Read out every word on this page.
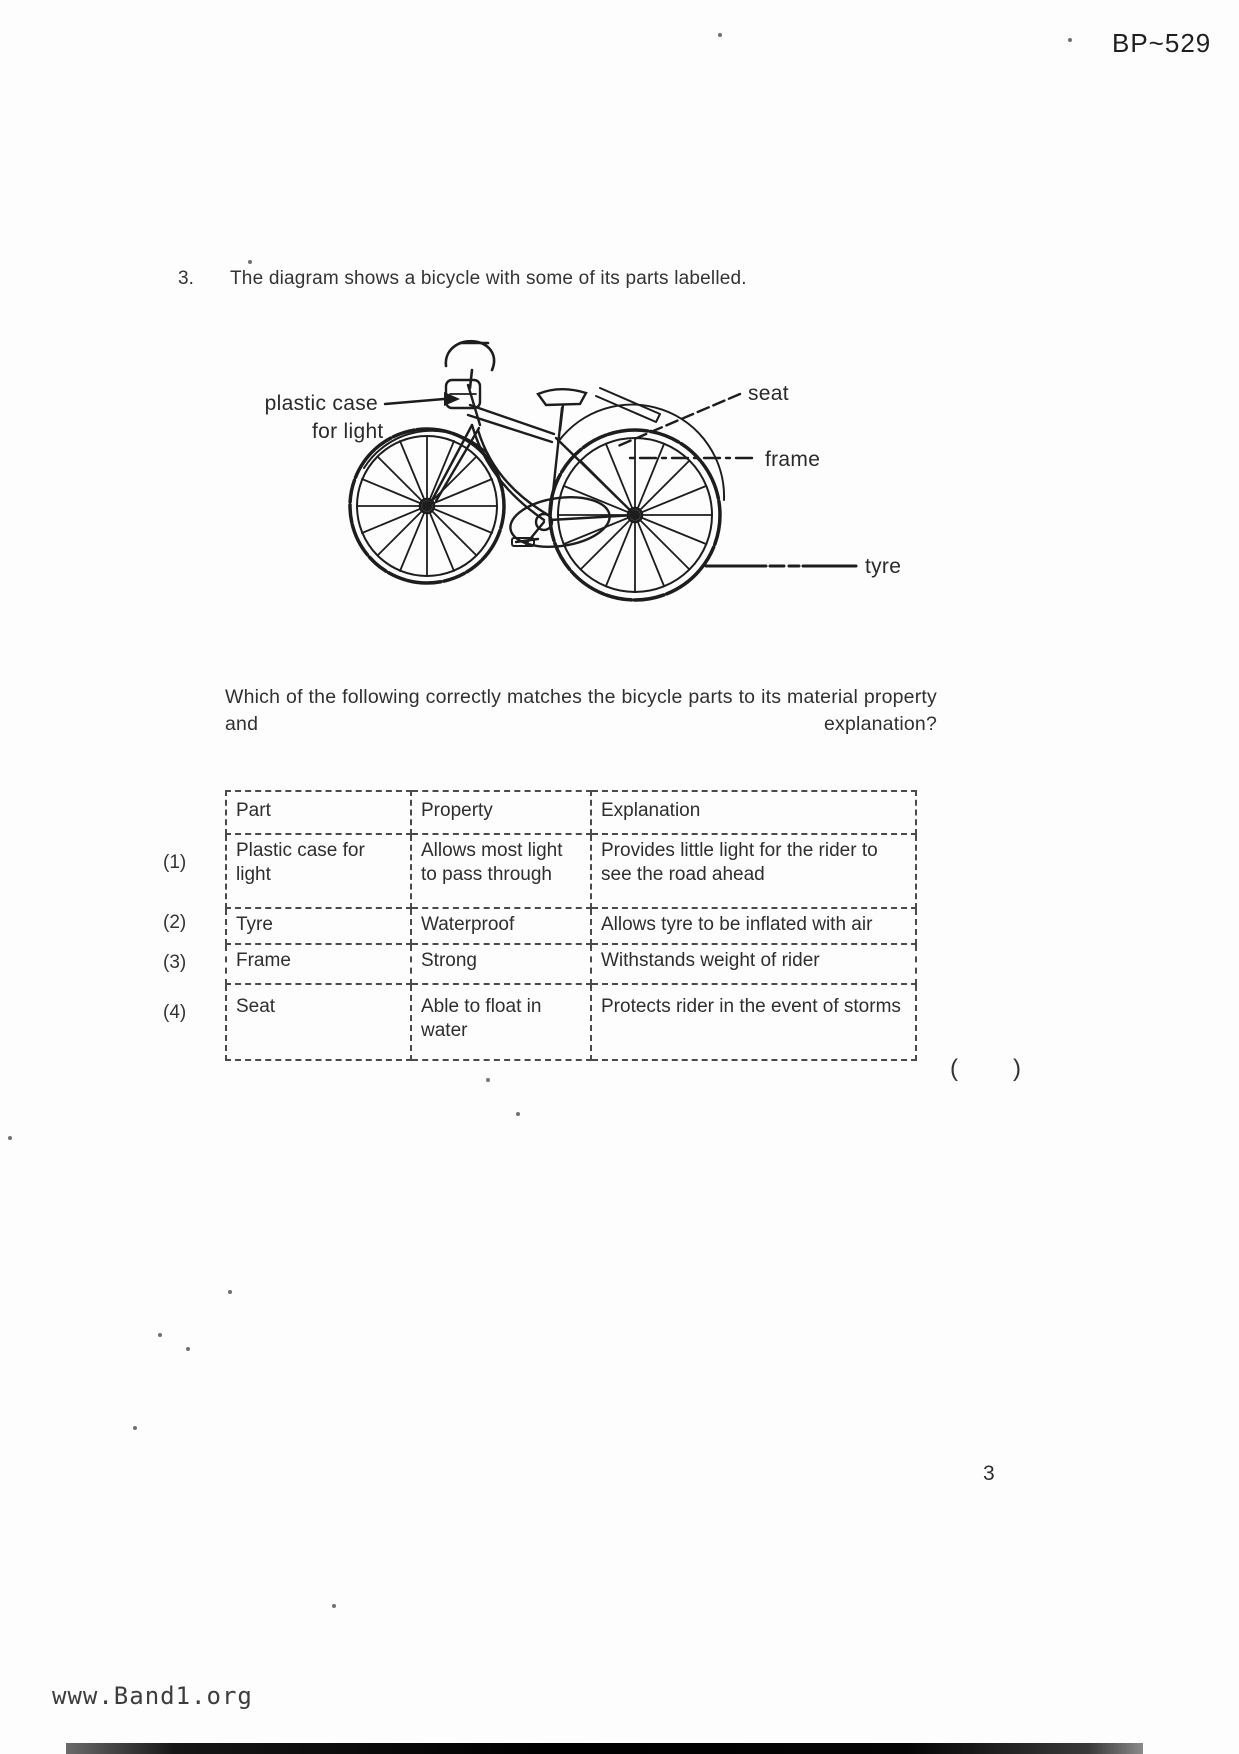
BP~529
3. The diagram shows a bicycle with some of its parts labelled.
plastic case
for light
seat
frame
tyre
Which of the following correctly matches the bicycle parts to its material property and explanation?
Part	Property	Explanation
Plastic case for light	Allows most light to pass through	Provides little light for the rider to see the road ahead
Tyre	Waterproof	Allows tyre to be inflated with air
Frame	Strong	Withstands weight of rider
Seat	Able to float in water	Protects rider in the event of storms
(1)
(2)
(3)
(4)
( )
3
www.Band1.org
